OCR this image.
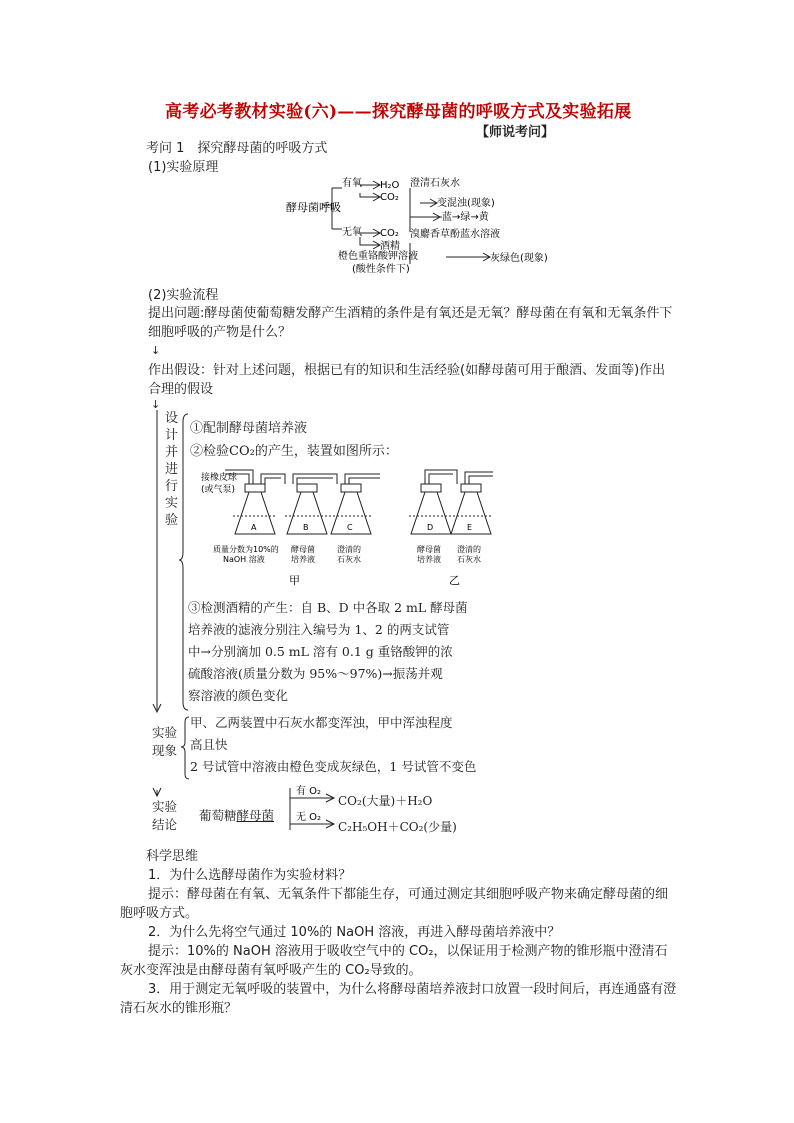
高考必考教材实验(六)——探究酵母菌的呼吸方式及实验拓展
【师说考问】
考问 1　探究酵母菌的呼吸方式
(1)实验原理
酵母菌呼吸
有氧
无氧
H₂O
CO₂
CO₂
酒精
澄清石灰水
溴麝香草酚蓝水溶液
橙色重铬酸钾溶液
(酸性条件下)
变混浊(现象)
蓝→绿→黄
灰绿色(现象)
(2)实验流程
提出问题:酵母菌使葡萄糖发酵产生酒精的条件是有氧还是无氧？酵母菌在有氧和无氧条件下细胞呼吸的产物是什么？
↓
作出假设：针对上述问题，根据已有的知识和生活经验(如酵母菌可用于酿酒、发面等)作出合理的假设
↓
设
计
并
进
行
实
验
①配制酵母菌培养液
②检验CO₂的产生，装置如图所示：
接橡皮球
(或气泵)
A	B	C	D	E
质量分数为10%的
NaOH 溶液
酵母菌
培养液
澄清的
石灰水
酵母菌
培养液
澄清的
石灰水
甲	乙
③检测酒精的产生：自 B、D 中各取 2 mL 酵母菌
培养液的滤液分别注入编号为 1、2 的两支试管
中→分别滴加 0.5 mL 溶有 0.1 g 重铬酸钾的浓
硫酸溶液(质量分数为 95%～97%)→振荡并观
察溶液的颜色变化
实验
现象
甲、乙两装置中石灰水都变浑浊，甲中浑浊程度
高且快
2 号试管中溶液由橙色变成灰绿色，1 号试管不变色
实验
结论
葡萄糖酵母菌
有 O₂
无 O₂
CO₂(大量)＋H₂O
C₂H₅OH＋CO₂(少量)
科学思维
1．为什么选酵母菌作为实验材料？
提示：酵母菌在有氧、无氧条件下都能生存，可通过测定其细胞呼吸产物来确定酵母菌的细胞呼吸方式。
2．为什么先将空气通过 10%的 NaOH 溶液，再进入酵母菌培养液中？
提示：10%的 NaOH 溶液用于吸收空气中的 CO₂，以保证用于检测产物的锥形瓶中澄清石灰水变浑浊是由酵母菌有氧呼吸产生的 CO₂导致的。
3．用于测定无氧呼吸的装置中，为什么将酵母菌培养液封口放置一段时间后，再连通盛有澄清石灰水的锥形瓶？
